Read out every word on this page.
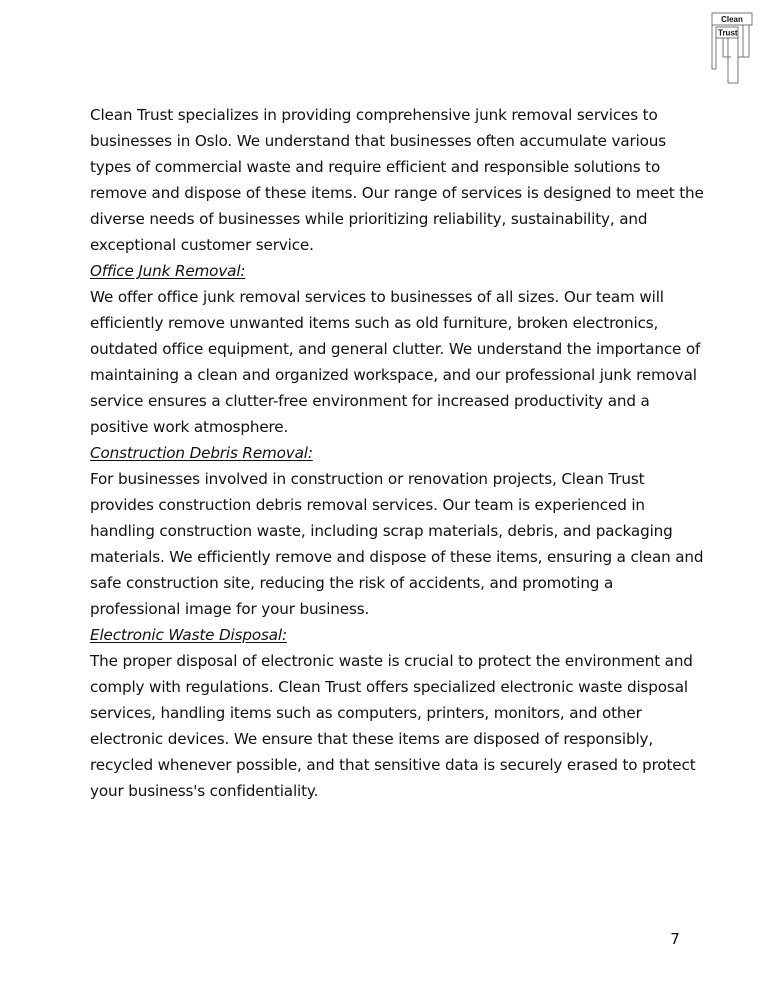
Clean
Trust

Clean Trust specializes in providing comprehensive junk removal services to businesses in Oslo. We understand that businesses often accumulate various types of commercial waste and require efficient and responsible solutions to remove and dispose of these items. Our range of services is designed to meet the diverse needs of businesses while prioritizing reliability, sustainability, and exceptional customer service.

Office Junk Removal:

We offer office junk removal services to businesses of all sizes. Our team will efficiently remove unwanted items such as old furniture, broken electronics, outdated office equipment, and general clutter. We understand the importance of maintaining a clean and organized workspace, and our professional junk removal service ensures a clutter-free environment for increased productivity and a positive work atmosphere.

Construction Debris Removal:

For businesses involved in construction or renovation projects, Clean Trust provides construction debris removal services. Our team is experienced in handling construction waste, including scrap materials, debris, and packaging materials. We efficiently remove and dispose of these items, ensuring a clean and safe construction site, reducing the risk of accidents, and promoting a professional image for your business.

Electronic Waste Disposal:

The proper disposal of electronic waste is crucial to protect the environment and comply with regulations. Clean Trust offers specialized electronic waste disposal services, handling items such as computers, printers, monitors, and other electronic devices. We ensure that these items are disposed of responsibly, recycled whenever possible, and that sensitive data is securely erased to protect your business's confidentiality.

7
